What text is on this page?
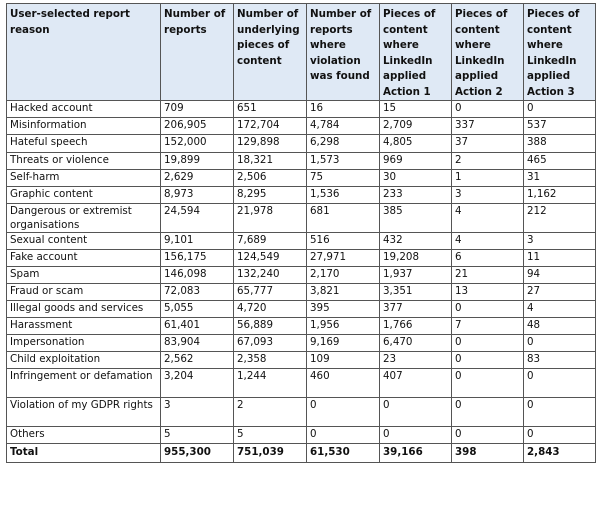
User-selected report reason	Number of reports	Number of underlying pieces of content	Number of reports where violation was found	Pieces of content where LinkedIn applied Action 1	Pieces of content where LinkedIn applied Action 2	Pieces of content where LinkedIn applied Action 3
Hacked account	709	651	16	15	0	0
Misinformation	206,905	172,704	4,784	2,709	337	537
Hateful speech	152,000	129,898	6,298	4,805	37	388
Threats or violence	19,899	18,321	1,573	969	2	465
Self-harm	2,629	2,506	75	30	1	31
Graphic content	8,973	8,295	1,536	233	3	1,162
Dangerous or extremist organisations	24,594	21,978	681	385	4	212
Sexual content	9,101	7,689	516	432	4	3
Fake account	156,175	124,549	27,971	19,208	6	11
Spam	146,098	132,240	2,170	1,937	21	94
Fraud or scam	72,083	65,777	3,821	3,351	13	27
Illegal goods and services	5,055	4,720	395	377	0	4
Harassment	61,401	56,889	1,956	1,766	7	48
Impersonation	83,904	67,093	9,169	6,470	0	0
Child exploitation	2,562	2,358	109	23	0	83
Infringement or defamation	3,204	1,244	460	407	0	0
Violation of my GDPR rights	3	2	0	0	0	0
Others	5	5	0	0	0	0
Total	955,300	751,039	61,530	39,166	398	2,843
